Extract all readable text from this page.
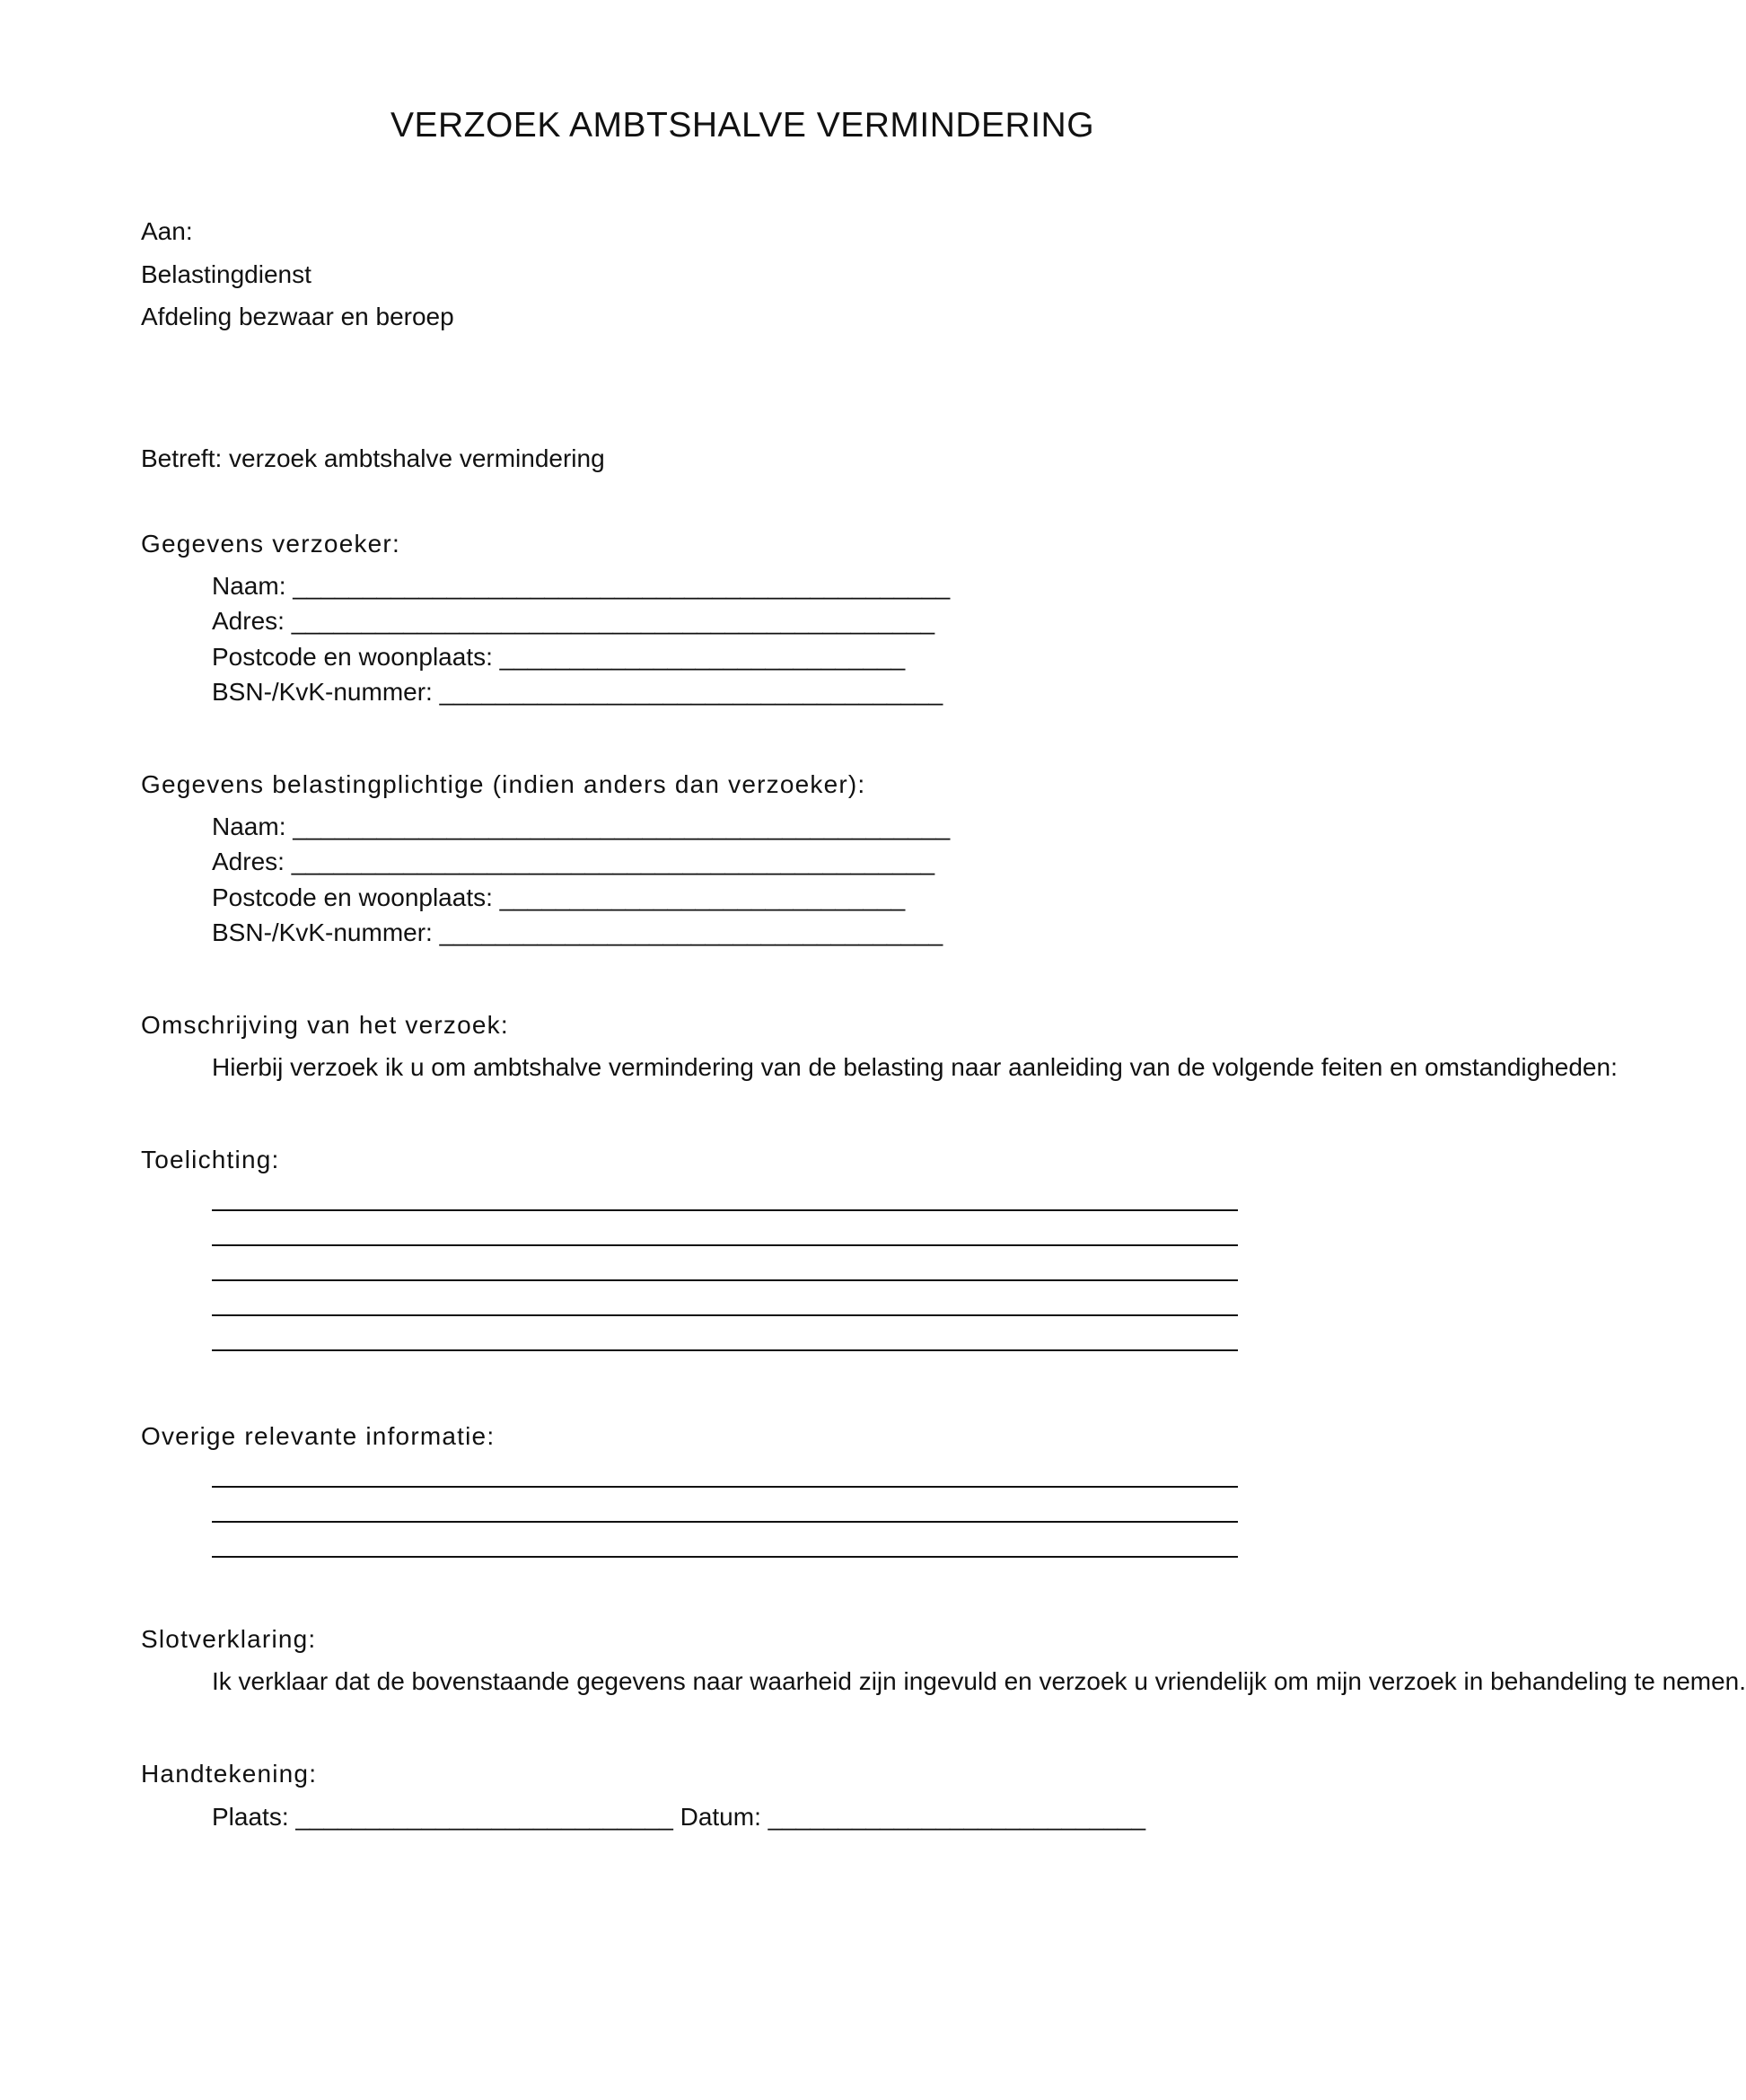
VERZOEK AMBTSHALVE VERMINDERING
Aan:
Belastingdienst
Afdeling bezwaar en beroep
Betreft: verzoek ambtshalve vermindering
Gegevens verzoeker:
Naam: _______________________________________________
Adres: ______________________________________________
Postcode en woonplaats: _____________________________
BSN-/KvK-nummer: ____________________________________
Gegevens belastingplichtige (indien anders dan verzoeker):
Naam: _______________________________________________
Adres: ______________________________________________
Postcode en woonplaats: _____________________________
BSN-/KvK-nummer: ____________________________________
Omschrijving van het verzoek:
Hierbij verzoek ik u om ambtshalve vermindering van de belasting naar aanleiding van de volgende feiten en omstandigheden:
Toelichting:
Overige relevante informatie:
Slotverklaring:
Ik verklaar dat de bovenstaande gegevens naar waarheid zijn ingevuld en verzoek u vriendelijk om mijn verzoek in behandeling te nemen.
Handtekening:
Plaats: ___________________________ Datum: ___________________________
